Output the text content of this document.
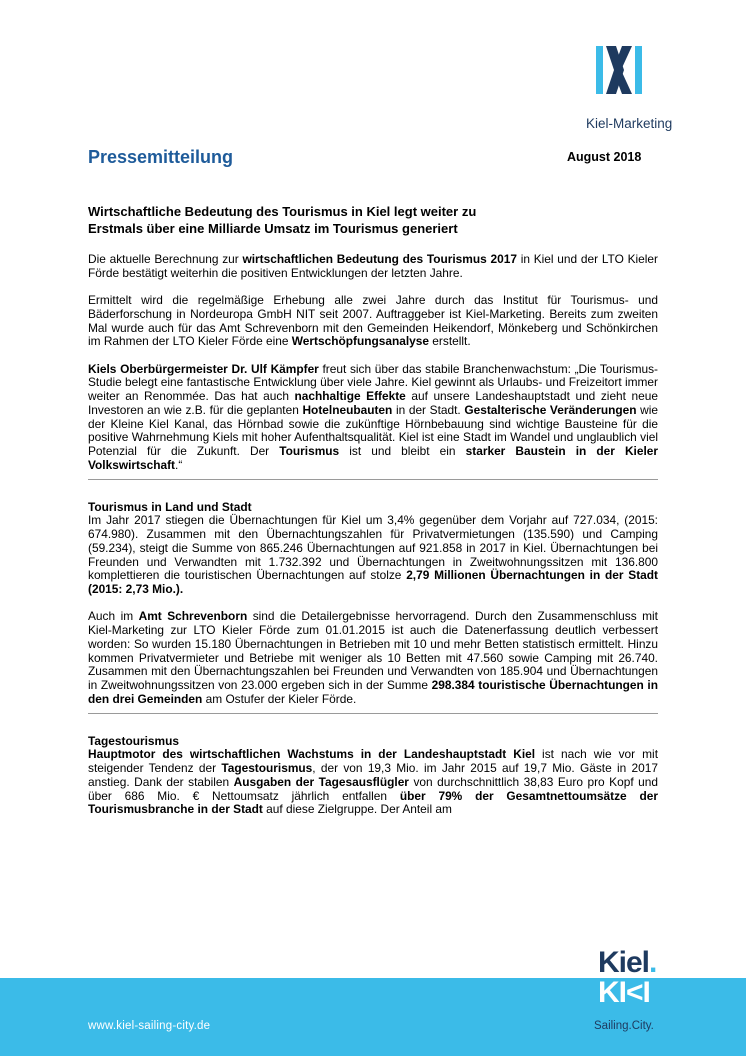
Kiel-Marketing
Pressemitteilung	August 2018
Wirtschaftliche Bedeutung des Tourismus in Kiel legt weiter zu
Erstmals über eine Milliarde Umsatz im Tourismus generiert

Die aktuelle Berechnung zur wirtschaftlichen Bedeutung des Tourismus 2017 in Kiel und der LTO Kieler Förde bestätigt weiterhin die positiven Entwicklungen der letzten Jahre.

Ermittelt wird die regelmäßige Erhebung alle zwei Jahre durch das Institut für Tourismus- und Bäderforschung in Nordeuropa GmbH NIT seit 2007. Auftraggeber ist Kiel-Marketing. Bereits zum zweiten Mal wurde auch für das Amt Schrevenborn mit den Gemeinden Heikendorf, Mönkeberg und Schönkirchen im Rahmen der LTO Kieler Förde eine Wertschöpfungsanalyse erstellt.

Kiels Oberbürgermeister Dr. Ulf Kämpfer freut sich über das stabile Branchenwachstum: „Die Tourismus-Studie belegt eine fantastische Entwicklung über viele Jahre. Kiel gewinnt als Urlaubs- und Freizeitort immer weiter an Renommée. Das hat auch nachhaltige Effekte auf unsere Landeshauptstadt und zieht neue Investoren an wie z.B. für die geplanten Hotelneubauten in der Stadt. Gestalterische Veränderungen wie der Kleine Kiel Kanal, das Hörnbad sowie die zukünftige Hörnbebauung sind wichtige Bausteine für die positive Wahrnehmung Kiels mit hoher Aufenthaltsqualität. Kiel ist eine Stadt im Wandel und unglaublich viel Potenzial für die Zukunft. Der Tourismus ist und bleibt ein starker Baustein in der Kieler Volkswirtschaft.“

Tourismus in Land und Stadt

Im Jahr 2017 stiegen die Übernachtungen für Kiel um 3,4% gegenüber dem Vorjahr auf 727.034, (2015: 674.980). Zusammen mit den Übernachtungszahlen für Privatvermietungen (135.590) und Camping (59.234), steigt die Summe von 865.246 Übernachtungen auf 921.858 in 2017 in Kiel. Übernachtungen bei Freunden und Verwandten mit 1.732.392 und Übernachtungen in Zweitwohnungssitzen mit 136.800 komplettieren die touristischen Übernachtungen auf stolze 2,79 Millionen Übernachtungen in der Stadt (2015: 2,73 Mio.).

Auch im Amt Schrevenborn sind die Detailergebnisse hervorragend. Durch den Zusammenschluss mit Kiel-Marketing zur LTO Kieler Förde zum 01.01.2015 ist auch die Datenerfassung deutlich verbessert worden: So wurden 15.180 Übernachtungen in Betrieben mit 10 und mehr Betten statistisch ermittelt. Hinzu kommen Privatvermieter und Betriebe mit weniger als 10 Betten mit 47.560 sowie Camping mit 26.740. Zusammen mit den Übernachtungszahlen bei Freunden und Verwandten von 185.904 und Übernachtungen in Zweitwohnungssitzen von 23.000 ergeben sich in der Summe 298.384 touristische Übernachtungen in den drei Gemeinden am Ostufer der Kieler Förde.

Tagestourismus

Hauptmotor des wirtschaftlichen Wachstums in der Landeshauptstadt Kiel ist nach wie vor mit steigender Tendenz der Tagestourismus, der von 19,3 Mio. im Jahr 2015 auf 19,7 Mio. Gäste in 2017 anstieg. Dank der stabilen Ausgaben der Tagesausflügler von durchschnittlich 38,83 Euro pro Kopf und über 686 Mio. € Nettoumsatz jährlich entfallen über 79% der Gesamtnettoumsätze der Tourismusbranche in der Stadt auf diese Zielgruppe. Der Anteil am

www.kiel-sailing-city.de	Sailing.City.
Kiel.
KI<I
